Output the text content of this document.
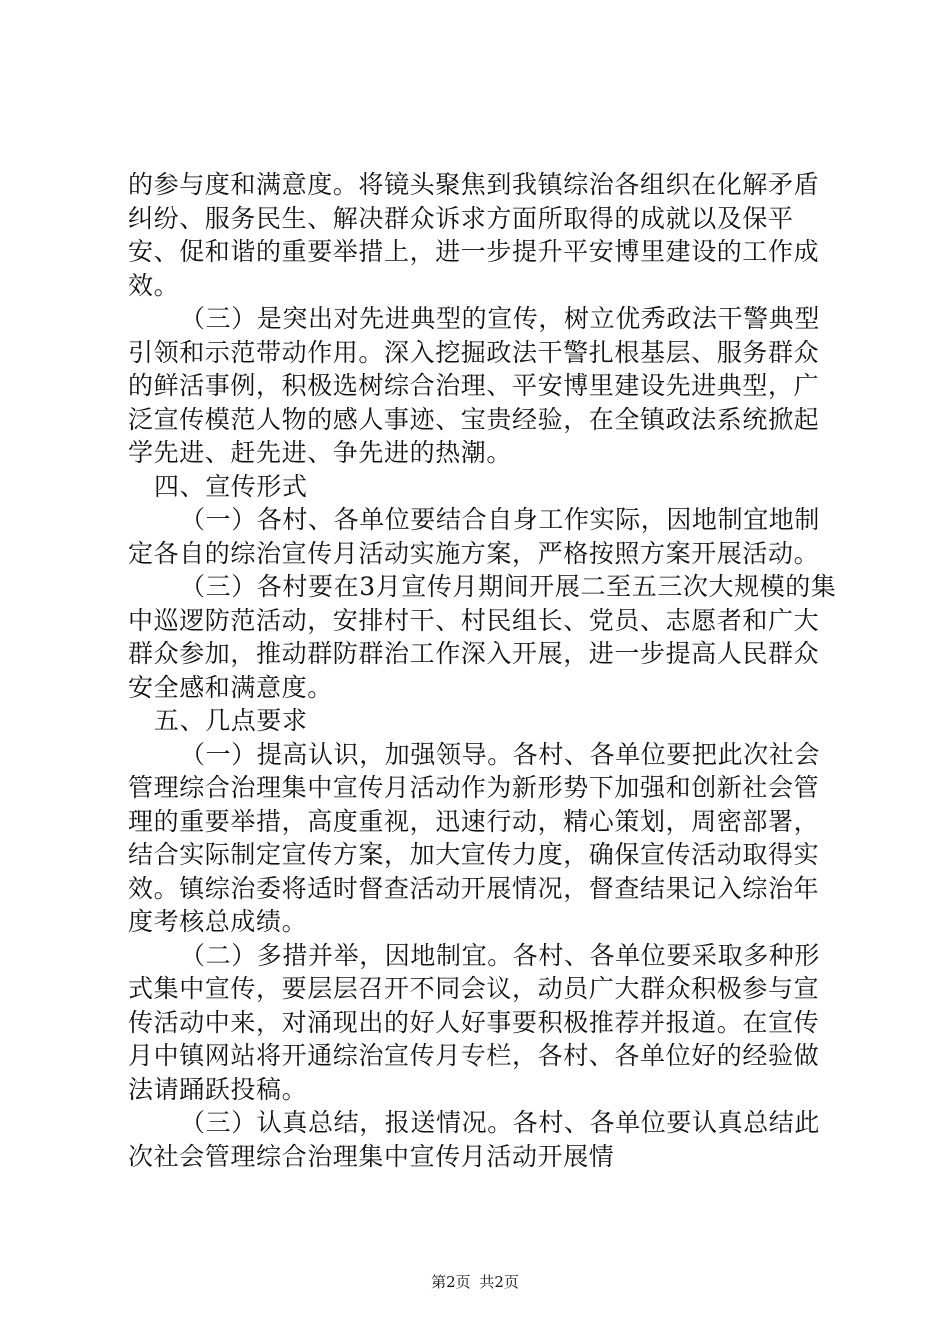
的参与度和满意度。将镜头聚焦到我镇综治各组织在化解矛盾纠纷、服务民生、解决群众诉求方面所取得的成就以及保平安、促和谐的重要举措上，进一步提升平安博里建设的工作成效。

（三）是突出对先进典型的宣传，树立优秀政法干警典型引领和示范带动作用。深入挖掘政法干警扎根基层、服务群众的鲜活事例，积极选树综合治理、平安博里建设先进典型，广泛宣传模范人物的感人事迹、宝贵经验，在全镇政法系统掀起学先进、赶先进、争先进的热潮。

四、宣传形式

（一）各村、各单位要结合自身工作实际，因地制宜地制定各自的综治宣传月活动实施方案，严格按照方案开展活动。

（三）各村要在3月宣传月期间开展二至五三次大规模的集中巡逻防范活动，安排村干、村民组长、党员、志愿者和广大群众参加，推动群防群治工作深入开展，进一步提高人民群众安全感和满意度。

五、几点要求

（一）提高认识，加强领导。各村、各单位要把此次社会管理综合治理集中宣传月活动作为新形势下加强和创新社会管理的重要举措，高度重视，迅速行动，精心策划，周密部署，结合实际制定宣传方案，加大宣传力度，确保宣传活动取得实效。镇综治委将适时督查活动开展情况，督查结果记入综治年度考核总成绩。

（二）多措并举，因地制宜。各村、各单位要采取多种形式集中宣传，要层层召开不同会议，动员广大群众积极参与宣传活动中来，对涌现出的好人好事要积极推荐并报道。在宣传月中镇网站将开通综治宣传月专栏，各村、各单位好的经验做法请踊跃投稿。

（三）认真总结，报送情况。各村、各单位要认真总结此次社会管理综合治理集中宣传月活动开展情

第2页 共2页
